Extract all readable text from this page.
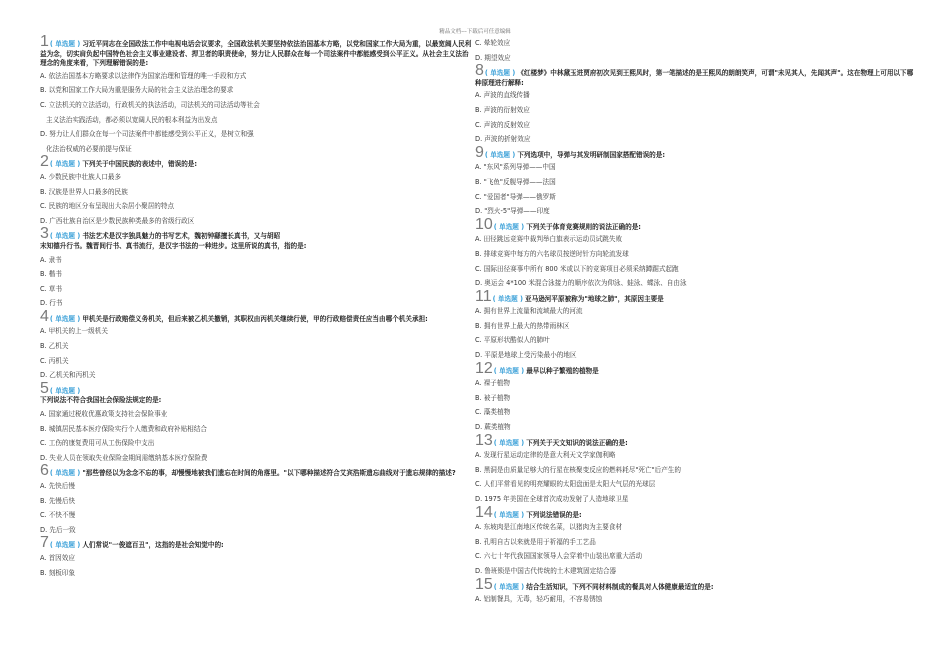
精品文档---下载后可任意编辑
1( 单选题 ) 习近平同志在全国政法工作中电视电话会议要求，全国政法机关要坚持依法治国基本方略，以党和国家工作大局为重，以最宽阔人民利益为念，切实肩负起中国特色社会主义事业建设者、捍卫者的职责使命，努力让人民群众在每一个司法案件中都能感受到公平正义。从社会主义法治理念的角度来看，下列理解错误的是:
A. 依法治国基本方略要求以法律作为国家治理和管理的唯一手段和方式
B. 以党和国家工作大局为重是服务大局的社会主义法治理念的要求
C. 立法机关的立法活动，行政机关的执法活动，司法机关的司法活动等社会
主义法治实践活动，都必须以宽阔人民的根本利益为出发点
D. 努力让人们群众在每一个司法案件中都能感受到公平正义，是树立和强
化法治权威的必要前提与保证
2( 单选题 ) 下列关于中国民族的表述中，错误的是:
A. 少数民族中壮族人口最多
B. 汉族是世界人口最多的民族
C. 民族的地区分布呈现出大杂居小聚居的特点
D. 广西壮族自治区是少数民族种类最多的省级行政区
3( 单选题 ) 书法艺术是汉字独具魅力的书写艺术，魏初钟繇擅长真书，又与胡昭
末知德升行书。魏晋间行书、真书流行，是汉字书法的一种进步。这里所说的真书，指的是:
A. 隶书
B. 楷书
C. 草书
D. 行书
4( 单选题 ) 甲机关是行政赔偿义务机关，但后来被乙机关撤销，其职权由丙机关继续行使，甲的行政赔偿责任应当由哪个机关承担:
A. 甲机关的上一级机关
B. 乙机关
C. 丙机关
D. 乙机关和丙机关
5( 单选题 )
下列说法不符合我国社会保险法规定的是:
A. 国家通过税收优惠政策支持社会保险事业
B. 城镇居民基本医疗保险实行个人缴费和政府补贴相结合
C. 工伤的康复费用可从工伤保险中支出
D. 失业人员在领取失业保险金期间需缴纳基本医疗保险费
6( 单选题 ) "那些曾经以为念念不忘的事，却慢慢地被我们遗忘在时间的角落里。"以下哪种描述符合艾宾浩斯遗忘曲线对于遗忘规律的描述?
A. 先快后慢
B. 先慢后快
C. 不快不慢
D. 先后一致
7( 单选题 ) 人们常说"一俊遮百丑"，这指的是社会知觉中的:
A. 首因效应
B. 刻板印象
C. 晕轮效应
D. 期望效应
8( 单选题 ) 《红楼梦》中林黛玉进贾府初次见到王熙凤时，第一笔描述的是王熙凤的朗朗笑声，可谓"未见其人，先闻其声"。这在物理上可用以下哪种原理进行解释:
A. 声波的直线传播
B. 声波的衍射效应
C. 声波的反射效应
D. 声波的折射效应
9( 单选题 ) 下列选项中，导弹与其发明研制国家搭配错误的是:
A. "东风"系列导弹——中国
B. "飞鱼"反舰导弹——法国
C. "爱国者"导弹——俄罗斯
D. "烈火-5"导弹——印度
10( 单选题 ) 下列关于体育竞赛规则的说法正确的是:
A. 田径跳远竞赛中裁判举白旗表示运动员试跳失败
B. 排球竞赛中每方的六名球员按逆时针方向轮流发球
C. 国际田径赛事中所有 800 米或以下的竞赛项目必须采纳蹲踞式起跑
D. 奥运会 4*100 米混合泳接力的顺序依次为仰泳、蛙泳、蝶泳、自由泳
11( 单选题 ) 亚马逊河平原被称为"地球之肺"，其原因主要是
A. 拥有世界上流量和流域最大的河流
B. 拥有世界上最大的热带雨林区
C. 平原形状酷似人的肺叶
D. 平原是地球上受污染最小的地区
12( 单选题 ) 最早以种子繁殖的植物是
A. 裸子植物
B. 被子植物
C. 藻类植物
D. 蕨类植物
13( 单选题 ) 下列关于天文知识的说法正确的是:
A. 发现行星运动定律的是意大利天文学家伽利略
B. 黑洞是由质量足够大的行星在核聚变反应的燃料耗尽"死亡"后产生的
C. 人们平常看见的明亮耀眼的太阳盘面是太阳大气层的光球层
D. 1975 年美国在全球首次成功发射了人造地球卫星
14( 单选题 ) 下列说法错误的是:
A. 东坡肉是江南地区传统名菜，以猪肉为主要食材
B. 孔明自古以来就是用于祈福的手工艺品
C. 六七十年代我国国家领导人会穿着中山装出席重大活动
D. 鲁班锁是中国古代传统的土木建筑固定结合器
15( 单选题 ) 结合生活知识，下列不同材料制成的餐具对人体健康最适宜的是:
A. 铝制餐具，无毒，轻巧耐用，不容易锈蚀
